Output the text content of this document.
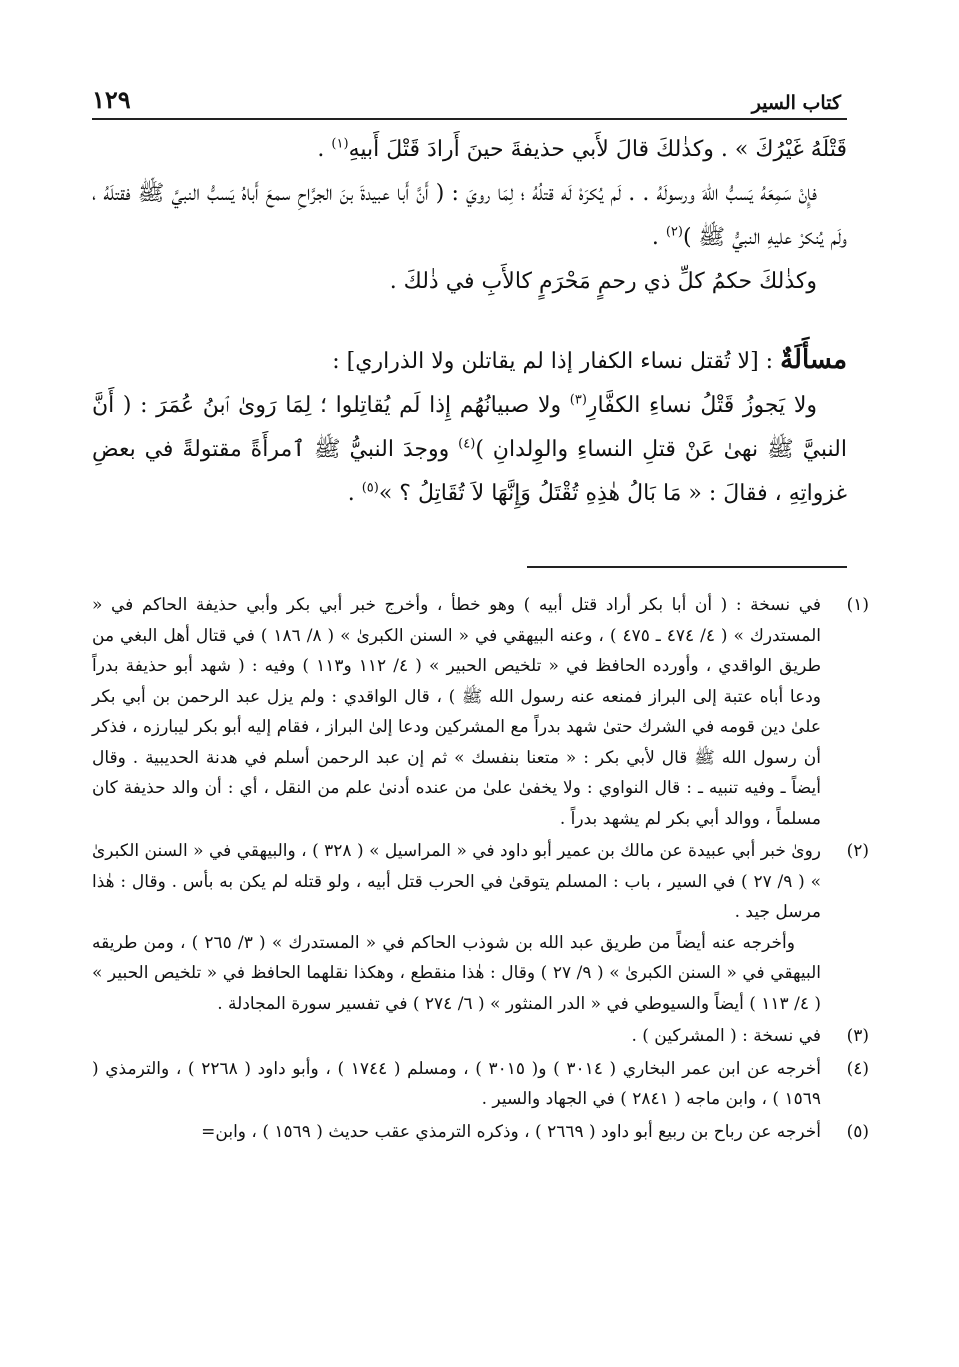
كتاب السير
١٢٩

قَتْلَهُ غَيْرُكَ » . وكذٰلكَ قالَ لأَبي حذيفةَ حينَ أَرادَ قَتْلَ أَبيهِ$^{(١)}$ .

فإِنْ سَمِعَهُ يَسبُّ اللهَ ورسولَهُ . . لَم يُكرَهْ لَه قتلُهُ ؛ لِمَا رويَ : ( أَنَّ أَبا عبيدةَ بنَ الجرَّاحِ سمعَ أَباهُ يَسبُّ النبيَّ ﷺ فقتلَهُ ، ولَم يُنكرْ عليهِ النبيُّ ﷺ )$^{(٢)}$ .

وكذٰلكَ حكمُ كلِّ ذي رحمٍ مَحْرَمٍ كالأَبِ في ذٰلكَ .

مسأَلَةٌ : [لا تُقتل نساء الكفار إذا لم يقاتلن ولا الذراري] :

ولا يَجوزُ قَتْلُ نساءِ الكفَّارِ$^{(٣)}$ ولا صبيانُهُم إِذا لَم يُقاتِلوا ؛ لِمَا رَوىٰ ٱبنُ عُمَرَ : ( أَنَّ النبيَّ ﷺ نهىٰ عَنْ قتلِ النساءِ والوِلدانِ )$^{(٤)}$ ووجدَ النبيُّ ﷺ ٱمرأَةً مقتولةً في بعضِ غزواتِهِ ، فقالَ : « مَا بَالُ هٰذِهِ تُقْتَلُ وَإِنَّهَا لاَ تُقَاتِلُ ؟ »$^{(٥)}$ .

(١)

في نسخة : ( أن أبا بكر أراد قتل أبيه ) وهو خطأ ، وأخرج خبر أبي بكر وأبي حذيفة الحاكم في « المستدرك » ( ٤/ ٤٧٤ ـ ٤٧٥ ) ، وعنه البيهقي في « السنن الكبرىٰ » ( ٨/ ١٨٦ ) في قتال أهل البغي من طريق الواقدي ، وأورده الحافظ في « تلخيص الحبير » ( ٤/ ١١٢ و١١٣ ) وفيه : ( شهد أبو حذيفة بدراً ودعا أباه عتبة إلى البراز فمنعه عنه رسول الله ﷺ ) ، قال الواقدي : ولم يزل عبد الرحمن بن أبي بكر علىٰ دين قومه في الشرك حتىٰ شهد بدراً مع المشركين ودعا إلىٰ البراز ، فقام إليه أبو بكر ليبارزه ، فذكر أن رسول الله ﷺ قال لأبي بكر : « متعنا بنفسك » ثم إن عبد الرحمن أسلم في هدنة الحديبية . وقال أيضاً ـ وفيه تنبيه ـ : قال النواوي : ولا يخفىٰ علىٰ من عنده أدنىٰ علم من النقل ، أي : أن والد حذيفة كان مسلماً ، ووالد أبي بكر لم يشهد بدراً .

(٢)

روىٰ خبر أبي عبيدة عن مالك بن عمير أبو داود في « المراسيل » ( ٣٢٨ ) ، والبيهقي في « السنن الكبرىٰ » ( ٩/ ٢٧ ) في السير ، باب : المسلم يتوقىٰ في الحرب قتل أبيه ، ولو قتله لم يكن به بأس . وقال : هٰذا مرسل جيد .

وأخرجه عنه أيضاً من طريق عبد الله بن شوذب الحاكم في « المستدرك » ( ٣/ ٢٦٥ ) ، ومن طريقه البيهقي في « السنن الكبرىٰ » ( ٩/ ٢٧ ) وقال : هٰذا منقطع ، وهكذا نقلهما الحافظ في « تلخيص الحبير » ( ٤/ ١١٣ ) أيضاً والسيوطي في « الدر المنثور » ( ٦/ ٢٧٤ ) في تفسير سورة المجادلة .

(٣)

في نسخة : ( المشركين ) .

(٤)

أخرجه عن ابن عمر البخاري ( ٣٠١٤ ) و( ٣٠١٥ ) ، ومسلم ( ١٧٤٤ ) ، وأبو داود ( ٢٢٦٨ ) ، والترمذي ( ١٥٦٩ ) ، وابن ماجه ( ٢٨٤١ ) في الجهاد والسير .

(٥)

أخرجه عن رباح بن ربيع أبو داود ( ٢٦٦٩ ) ، وذكره الترمذي عقب حديث ( ١٥٦٩ ) ، وابن=
